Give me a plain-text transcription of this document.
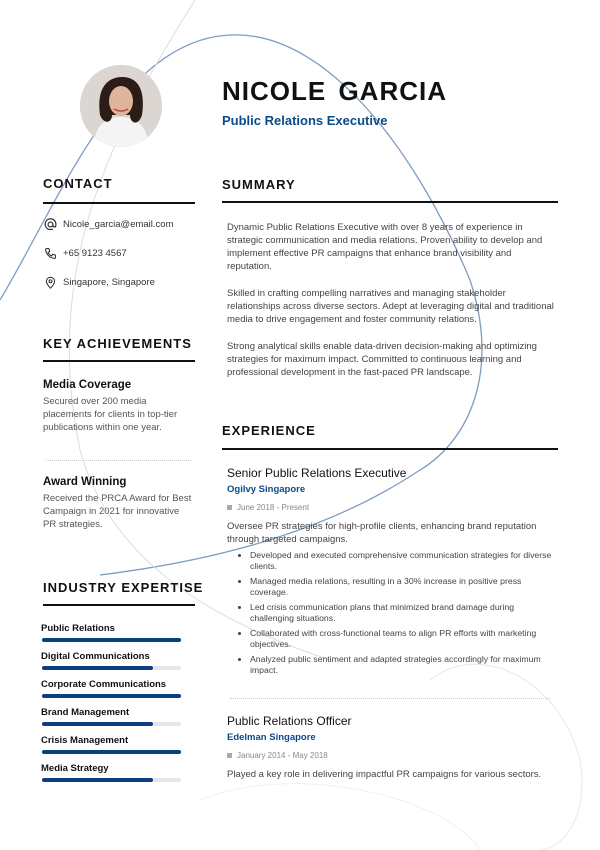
NICOLE GARCIA
Public Relations Executive
CONTACT
Nicole_garcia@email.com
+65 9123 4567
Singapore, Singapore
KEY ACHIEVEMENTS
Media Coverage

Secured over 200 media placements for clients in top-tier publications within one year.

Award Winning

Received the PRCA Award for Best Campaign in 2021 for innovative PR strategies.

INDUSTRY EXPERTISE
Public Relations
Digital Communications
Corporate Communications
Brand Management
Crisis Management
Media Strategy
SUMMARY
Dynamic Public Relations Executive with over 8 years of experience in strategic communication and media relations. Proven ability to develop and implement effective PR campaigns that enhance brand visibility and reputation.
Skilled in crafting compelling narratives and managing stakeholder relationships across diverse sectors. Adept at leveraging digital and traditional media to drive engagement and foster community relations.
Strong analytical skills enable data-driven decision-making and optimizing strategies for maximum impact. Committed to continuous learning and professional development in the fast-paced PR landscape.
EXPERIENCE
Senior Public Relations Executive
Ogilvy Singapore
June 2018 - Present
Oversee PR strategies for high-profile clients, enhancing brand reputation through targeted campaigns.
• Developed and executed comprehensive communication strategies for diverse clients.
• Managed media relations, resulting in a 30% increase in positive press coverage.
• Led crisis communication plans that minimized brand damage during challenging situations.
• Collaborated with cross-functional teams to align PR efforts with marketing objectives.
• Analyzed public sentiment and adapted strategies accordingly for maximum impact.
Public Relations Officer
Edelman Singapore
January 2014 - May 2018
Played a key role in delivering impactful PR campaigns for various sectors.
